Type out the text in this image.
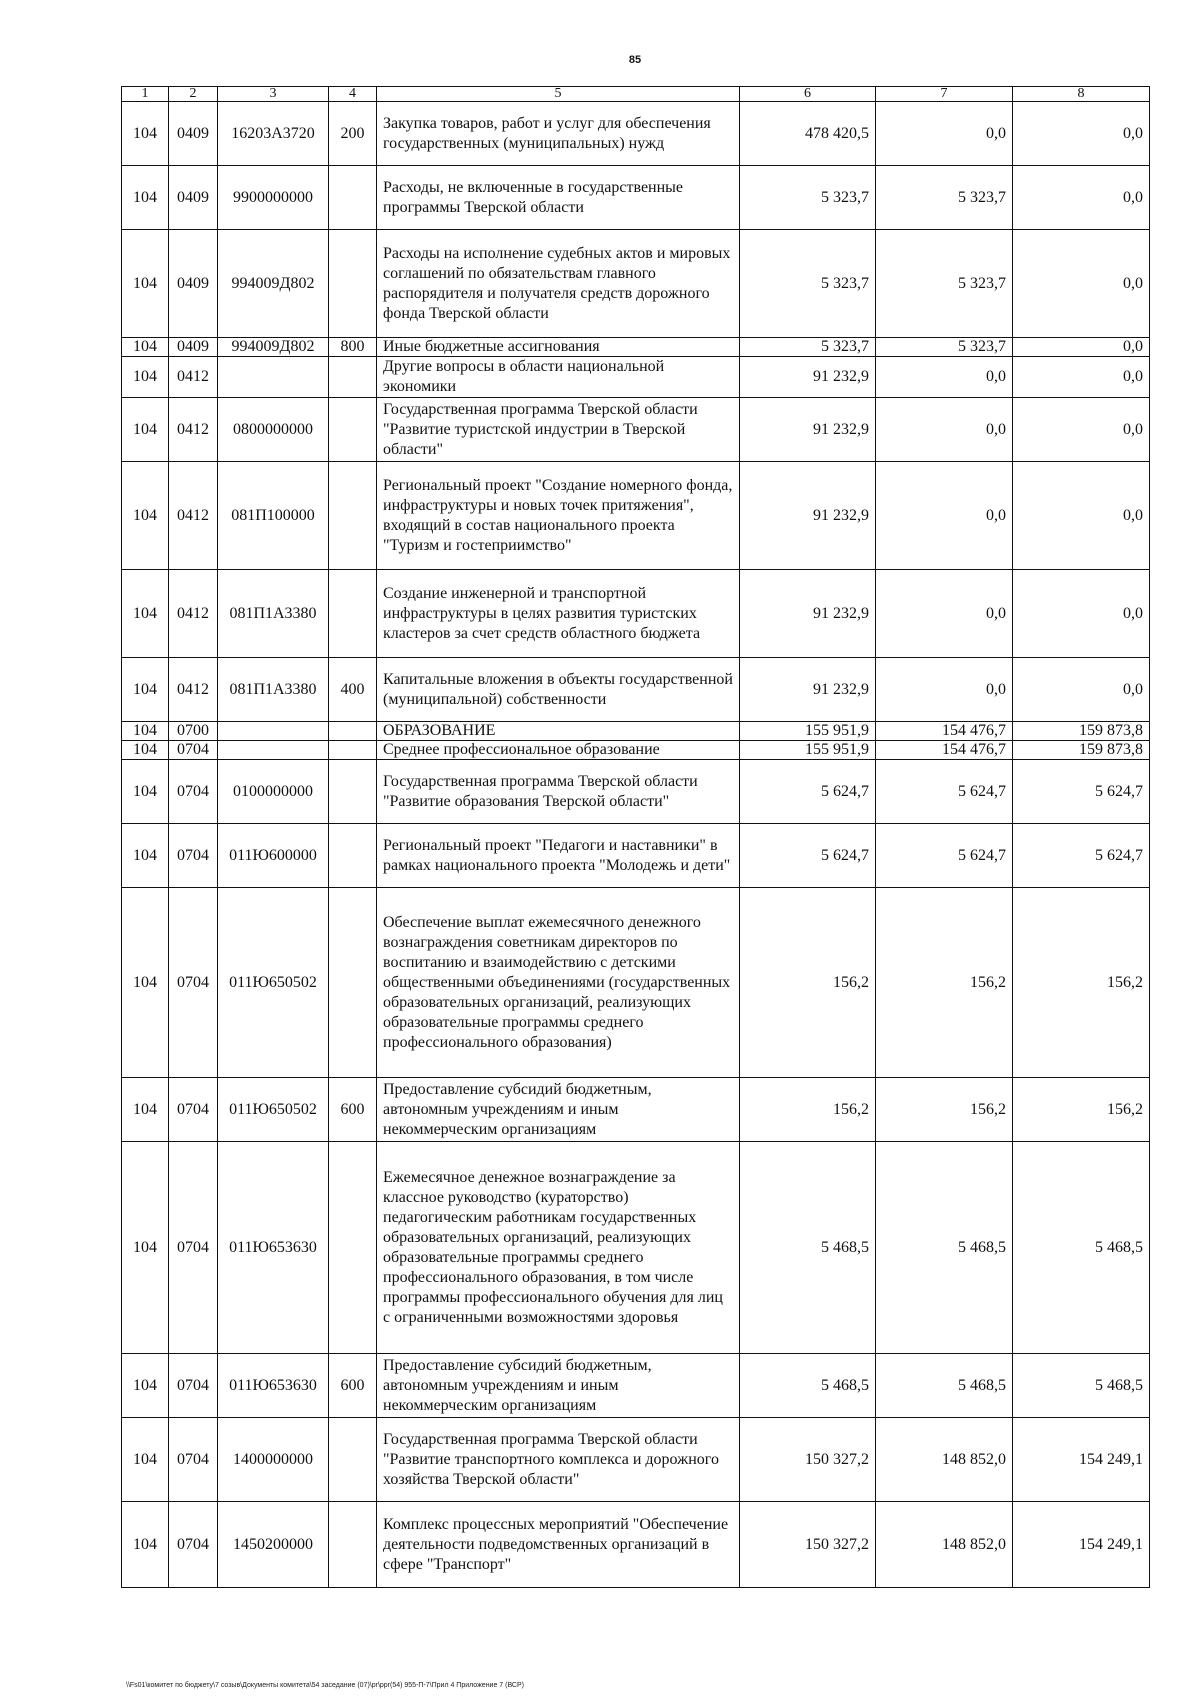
85
1	2	3	4	5	6	7	8
104	0409	16203А3720	200	Закупка товаров, работ и услуг для обеспечения государственных (муниципальных) нужд	478 420,5	0,0	0,0
104	0409	9900000000		Расходы, не включенные в государственные программы Тверской области	5 323,7	5 323,7	0,0
104	0409	994009Д802		Расходы на исполнение судебных актов и мировых соглашений по обязательствам главного распорядителя и получателя средств дорожного фонда Тверской области	5 323,7	5 323,7	0,0
104	0409	994009Д802	800	Иные бюджетные ассигнования	5 323,7	5 323,7	0,0
104	0412			Другие вопросы в области национальной экономики	91 232,9	0,0	0,0
104	0412	0800000000		Государственная программа Тверской области "Развитие туристской индустрии в Тверской области"	91 232,9	0,0	0,0
104	0412	081П100000		Региональный проект "Создание номерного фонда, инфраструктуры и новых точек притяжения", входящий в состав национального проекта "Туризм и гостеприимство"	91 232,9	0,0	0,0
104	0412	081П1А3380		Создание инженерной и транспортной инфраструктуры в целях развития туристских кластеров за счет средств областного бюджета	91 232,9	0,0	0,0
104	0412	081П1А3380	400	Капитальные вложения в объекты государственной (муниципальной) собственности	91 232,9	0,0	0,0
104	0700			ОБРАЗОВАНИЕ	155 951,9	154 476,7	159 873,8
104	0704			Среднее профессиональное образование	155 951,9	154 476,7	159 873,8
104	0704	0100000000		Государственная программа Тверской области "Развитие образования Тверской области"	5 624,7	5 624,7	5 624,7
104	0704	011Ю600000		Региональный проект "Педагоги и наставники" в рамках национального проекта "Молодежь и дети"	5 624,7	5 624,7	5 624,7
104	0704	011Ю650502		Обеспечение выплат ежемесячного денежного вознаграждения советникам директоров по воспитанию и взаимодействию с детскими общественными объединениями (государственных образовательных организаций, реализующих образовательные программы среднего профессионального образования)	156,2	156,2	156,2
104	0704	011Ю650502	600	Предоставление субсидий бюджетным, автономным учреждениям и иным некоммерческим организациям	156,2	156,2	156,2
104	0704	011Ю653630		Ежемесячное денежное вознаграждение за классное руководство (кураторство) педагогическим работникам государственных образовательных организаций, реализующих образовательные программы среднего профессионального образования, в том числе программы профессионального обучения для лиц с ограниченными возможностями здоровья	5 468,5	5 468,5	5 468,5
104	0704	011Ю653630	600	Предоставление субсидий бюджетным, автономным учреждениям и иным некоммерческим организациям	5 468,5	5 468,5	5 468,5
104	0704	1400000000		Государственная программа Тверской области "Развитие транспортного комплекса и дорожного хозяйства Тверской области"	150 327,2	148 852,0	154 249,1
104	0704	1450200000		Комплекс процессных мероприятий "Обеспечение деятельности подведомственных организаций в сфере "Транспорт"	150 327,2	148 852,0	154 249,1
\\Fs01\комитет по бюджету\7 созыв\Документы комитета\54 заседание (07)\pr\ppr(54) 955-П-7\Прил 4 Приложение 7 (ВСР)
